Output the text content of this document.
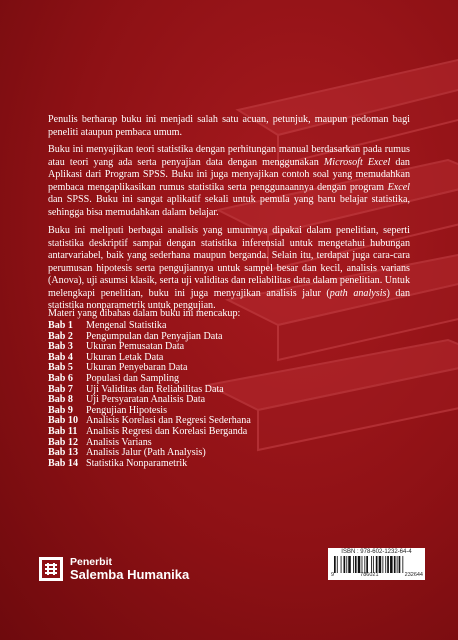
Penulis berharap buku ini menjadi salah satu acuan, petunjuk, maupun pedoman bagi peneliti ataupun pembaca umum.
Buku ini menyajikan teori statistika dengan perhitungan manual berdasarkan pada rumus atau teori yang ada serta penyajian data dengan menggunakan Microsoft Excel dan Aplikasi dari Program SPSS. Buku ini juga menyajikan contoh soal yang memudahkan pembaca mengaplikasikan rumus statistika serta penggunaannya dengan program Excel dan SPSS. Buku ini sangat aplikatif sekali untuk pemula yang baru belajar statistika, sehingga bisa memudahkan dalam belajar.
Buku ini meliputi berbagai analisis yang umumnya dipakai dalam penelitian, seperti statistika deskriptif sampai dengan statistika inferensial untuk mengetahui hubungan antarvariabel, baik yang sederhana maupun berganda. Selain itu, terdapat juga cara-cara perumusan hipotesis serta pengujiannya untuk sampel besar dan kecil, analisis varians (Anova), uji asumsi klasik, serta uji validitas dan reliabilitas data dalam penelitian. Untuk melengkapi penelitian, buku ini juga menyajikan analisis jalur (path analysis) dan statistika nonparametrik untuk pengujian.
Materi yang dibahas dalam buku ini mencakup:
Bab 1	Mengenal Statistika
Bab 2	Pengumpulan dan Penyajian Data
Bab 3	Ukuran Pemusatan Data
Bab 4	Ukuran Letak Data
Bab 5	Ukuran Penyebaran Data
Bab 6	Populasi dan Sampling
Bab 7	Uji Validitas dan Reliabilitas Data
Bab 8	Uji Persyaratan Analisis Data
Bab 9	Pengujian Hipotesis
Bab 10 Analisis Korelasi dan Regresi Sederhana
Bab 11 Analisis Regresi dan Korelasi Berganda
Bab 12 Analisis Varians
Bab 13 Analisis Jalur (Path Analysis)
Bab 14 Statistika Nonparametrik
Penerbit
Salemba Humanika
ISBN : 978-602-1232-64-4
9	786021	232644
